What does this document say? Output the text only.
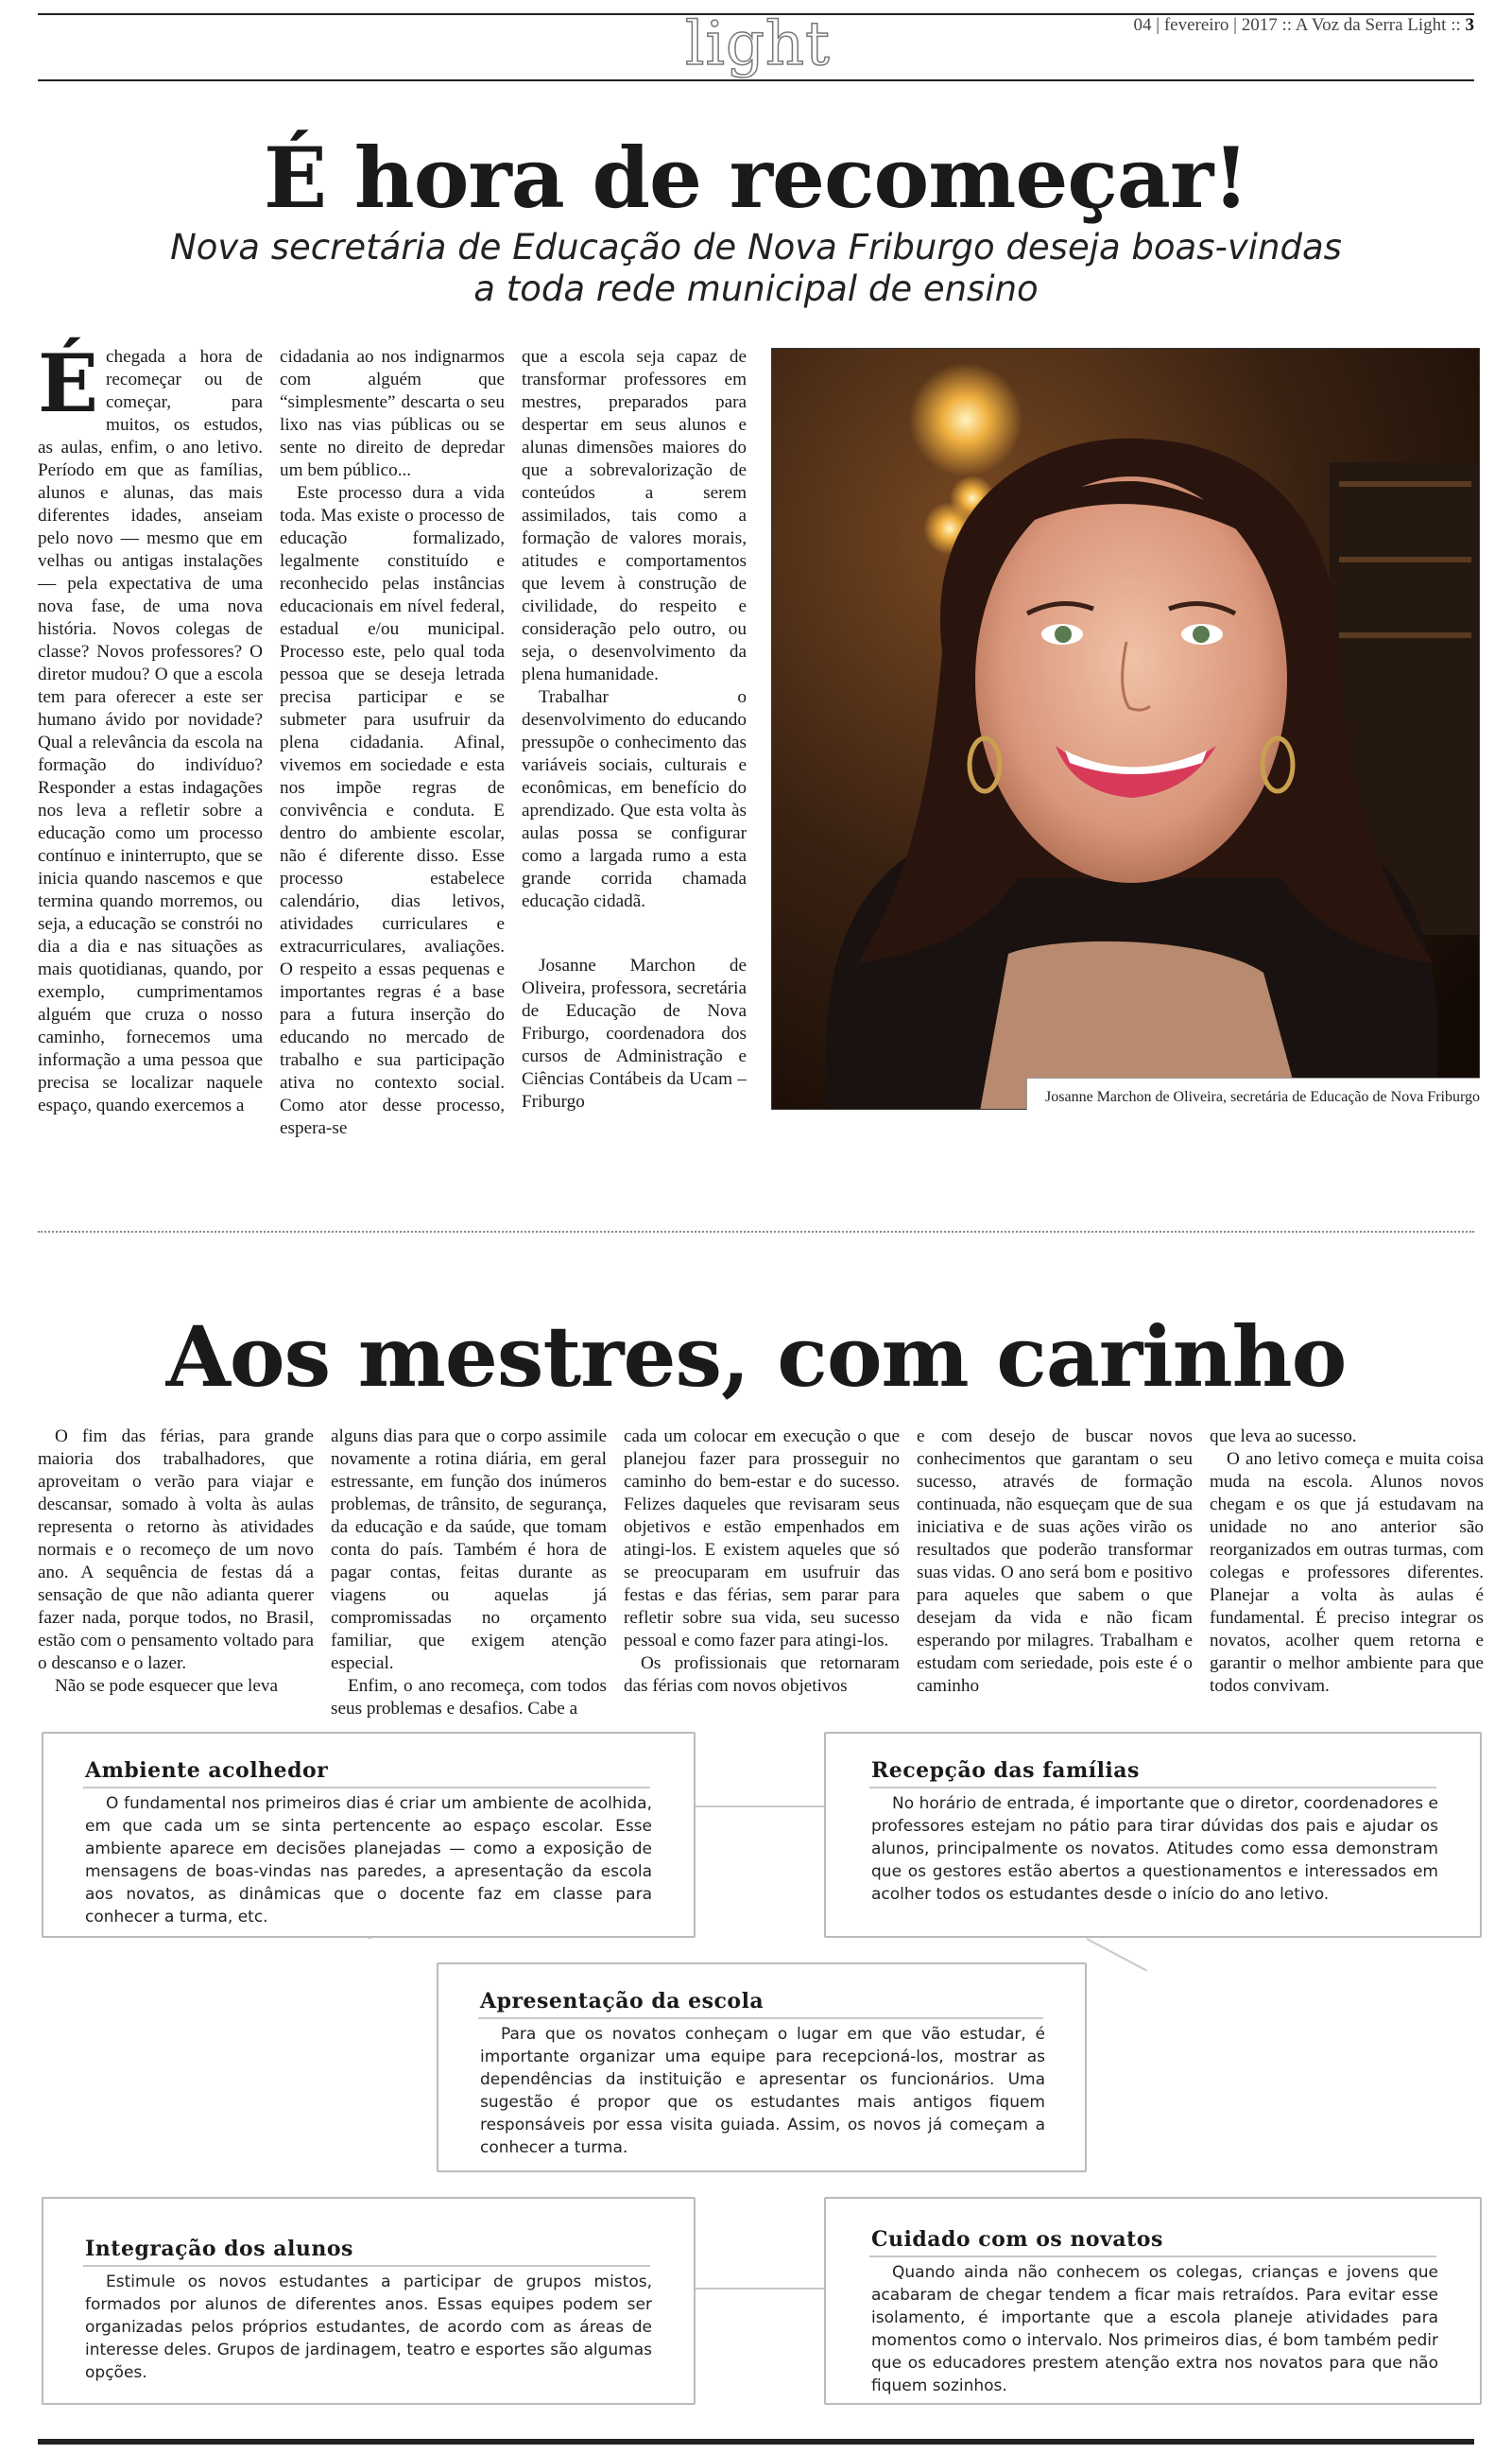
light	04 | fevereiro | 2017 :: A Voz da Serra Light :: 3
É hora de recomeçar!
Nova secretária de Educação de Nova Friburgo deseja boas-vindas
a toda rede municipal de ensino

Échegada a hora de recomeçar ou de começar, para muitos, os estudos, as aulas, enfim, o ano letivo. Período em que as famílias, alunos e alunas, das mais diferentes idades, anseiam pelo novo — mesmo que em velhas ou antigas instalações — pela expectativa de uma nova fase, de uma nova história. Novos colegas de classe? Novos professores? O diretor mudou? O que a escola tem para oferecer a este ser humano ávido por novidade? Qual a relevância da escola na formação do indivíduo? Responder a estas indagações nos leva a refletir sobre a educação como um processo contínuo e ininterrupto, que se inicia quando nascemos e que termina quando morremos, ou seja, a educação se constrói no dia a dia e nas situações as mais quotidianas, quando, por exemplo, cumprimentamos alguém que cruza o nosso caminho, fornecemos uma informação a uma pessoa que precisa se localizar naquele espaço, quando exercemos a

cidadania ao nos indignarmos com alguém que “simplesmente” descarta o seu lixo nas vias públicas ou se sente no direito de depredar um bem público...

Este processo dura a vida toda. Mas existe o processo de educação formalizado, legalmente constituído e reconhecido pelas instâncias educacionais em nível federal, estadual e/ou municipal. Processo este, pelo qual toda pessoa que se deseja letrada precisa participar e se submeter para usufruir da plena cidadania. Afinal, vivemos em sociedade e esta nos impõe regras de convivência e conduta. E dentro do ambiente escolar, não é diferente disso. Esse processo estabelece calendário, dias letivos, atividades curriculares e extracurriculares, avaliações. O respeito a essas pequenas e importantes regras é a base para a futura inserção do educando no mercado de trabalho e sua participação ativa no contexto social. Como ator desse processo, espera-se

que a escola seja capaz de transformar professores em mestres, preparados para despertar em seus alunos e alunas dimensões maiores do que a sobrevalorização de conteúdos a serem assimilados, tais como a formação de valores morais, atitudes e comportamentos que levem à construção de civilidade, do respeito e consideração pelo outro, ou seja, o desenvolvimento da plena humanidade.

Trabalhar o desenvolvimento do educando pressupõe o conhecimento das variáveis sociais, culturais e econômicas, em benefício do aprendizado. Que esta volta às aulas possa se configurar como a largada rumo a esta grande corrida chamada educação cidadã.

Josanne Marchon de Oliveira, professora, secretária de Educação de Nova Friburgo, coordenadora dos cursos de Administração e Ciências Contábeis da Ucam – Friburgo	Josanne Marchon de Oliveira, secretária de Educação de Nova Friburgo
Aos mestres, com carinho

O fim das férias, para grande maioria dos trabalhadores, que aproveitam o verão para viajar e descansar, somado à volta às aulas representa o retorno às atividades normais e o recomeço de um novo ano. A sequência de festas dá a sensação de que não adianta querer fazer nada, porque todos, no Brasil, estão com o pensamento voltado para o descanso e o lazer.

Não se pode esquecer que leva

alguns dias para que o corpo assimile novamente a rotina diária, em geral estressante, em função dos inúmeros problemas, de trânsito, de segurança, da educação e da saúde, que tomam conta do país. Também é hora de pagar contas, feitas durante as viagens ou aquelas já compromissadas no orçamento familiar, que exigem atenção especial.

Enfim, o ano recomeça, com todos seus problemas e desafios. Cabe a

cada um colocar em execução o que planejou fazer para prosseguir no caminho do bem-estar e do sucesso. Felizes daqueles que revisaram seus objetivos e estão empenhados em atingi-los. E existem aqueles que só se preocuparam em usufruir das festas e das férias, sem parar para refletir sobre sua vida, seu sucesso pessoal e como fazer para atingi-los.

Os profissionais que retornaram das férias com novos objetivos

e com desejo de buscar novos conhecimentos que garantam o seu sucesso, através de formação continuada, não esqueçam que de sua iniciativa e de suas ações virão os resultados que poderão transformar suas vidas. O ano será bom e positivo para aqueles que sabem o que desejam da vida e não ficam esperando por milagres. Trabalham e estudam com seriedade, pois este é o caminho

que leva ao sucesso.

O ano letivo começa e muita coisa muda na escola. Alunos novos chegam e os que já estudavam na unidade no ano anterior são reorganizados em outras turmas, com colegas e professores diferentes. Planejar a volta às aulas é fundamental. É preciso integrar os novatos, acolher quem retorna e garantir o melhor ambiente para que todos convivam.

Ambiente acolhedor
O fundamental nos primeiros dias é criar um ambiente de acolhida, em que cada um se sinta pertencente ao espaço escolar. Esse ambiente aparece em decisões planejadas — como a exposição de mensagens de boas-vindas nas paredes, a apresentação da escola aos novatos, as dinâmicas que o docente faz em classe para conhecer a turma, etc.
Recepção das famílias
No horário de entrada, é importante que o diretor, coordenadores e professores estejam no pátio para tirar dúvidas dos pais e ajudar os alunos, principalmente os novatos. Atitudes como essa demonstram que os gestores estão abertos a questionamentos e interessados em acolher todos os estudantes desde o início do ano letivo.
Apresentação da escola
Para que os novatos conheçam o lugar em que vão estudar, é importante organizar uma equipe para recepcioná-los, mostrar as dependências da instituição e apresentar os funcionários. Uma sugestão é propor que os estudantes mais antigos fiquem responsáveis por essa visita guiada. Assim, os novos já começam a conhecer a turma.
Integração dos alunos
Estimule os novos estudantes a participar de grupos mistos, formados por alunos de diferentes anos. Essas equipes podem ser organizadas pelos próprios estudantes, de acordo com as áreas de interesse deles. Grupos de jardinagem, teatro e esportes são algumas opções.
Cuidado com os novatos
Quando ainda não conhecem os colegas, crianças e jovens que acabaram de chegar tendem a ficar mais retraídos. Para evitar esse isolamento, é importante que a escola planeje atividades para momentos como o intervalo. Nos primeiros dias, é bom também pedir que os educadores prestem atenção extra nos novatos para que não fiquem sozinhos.
